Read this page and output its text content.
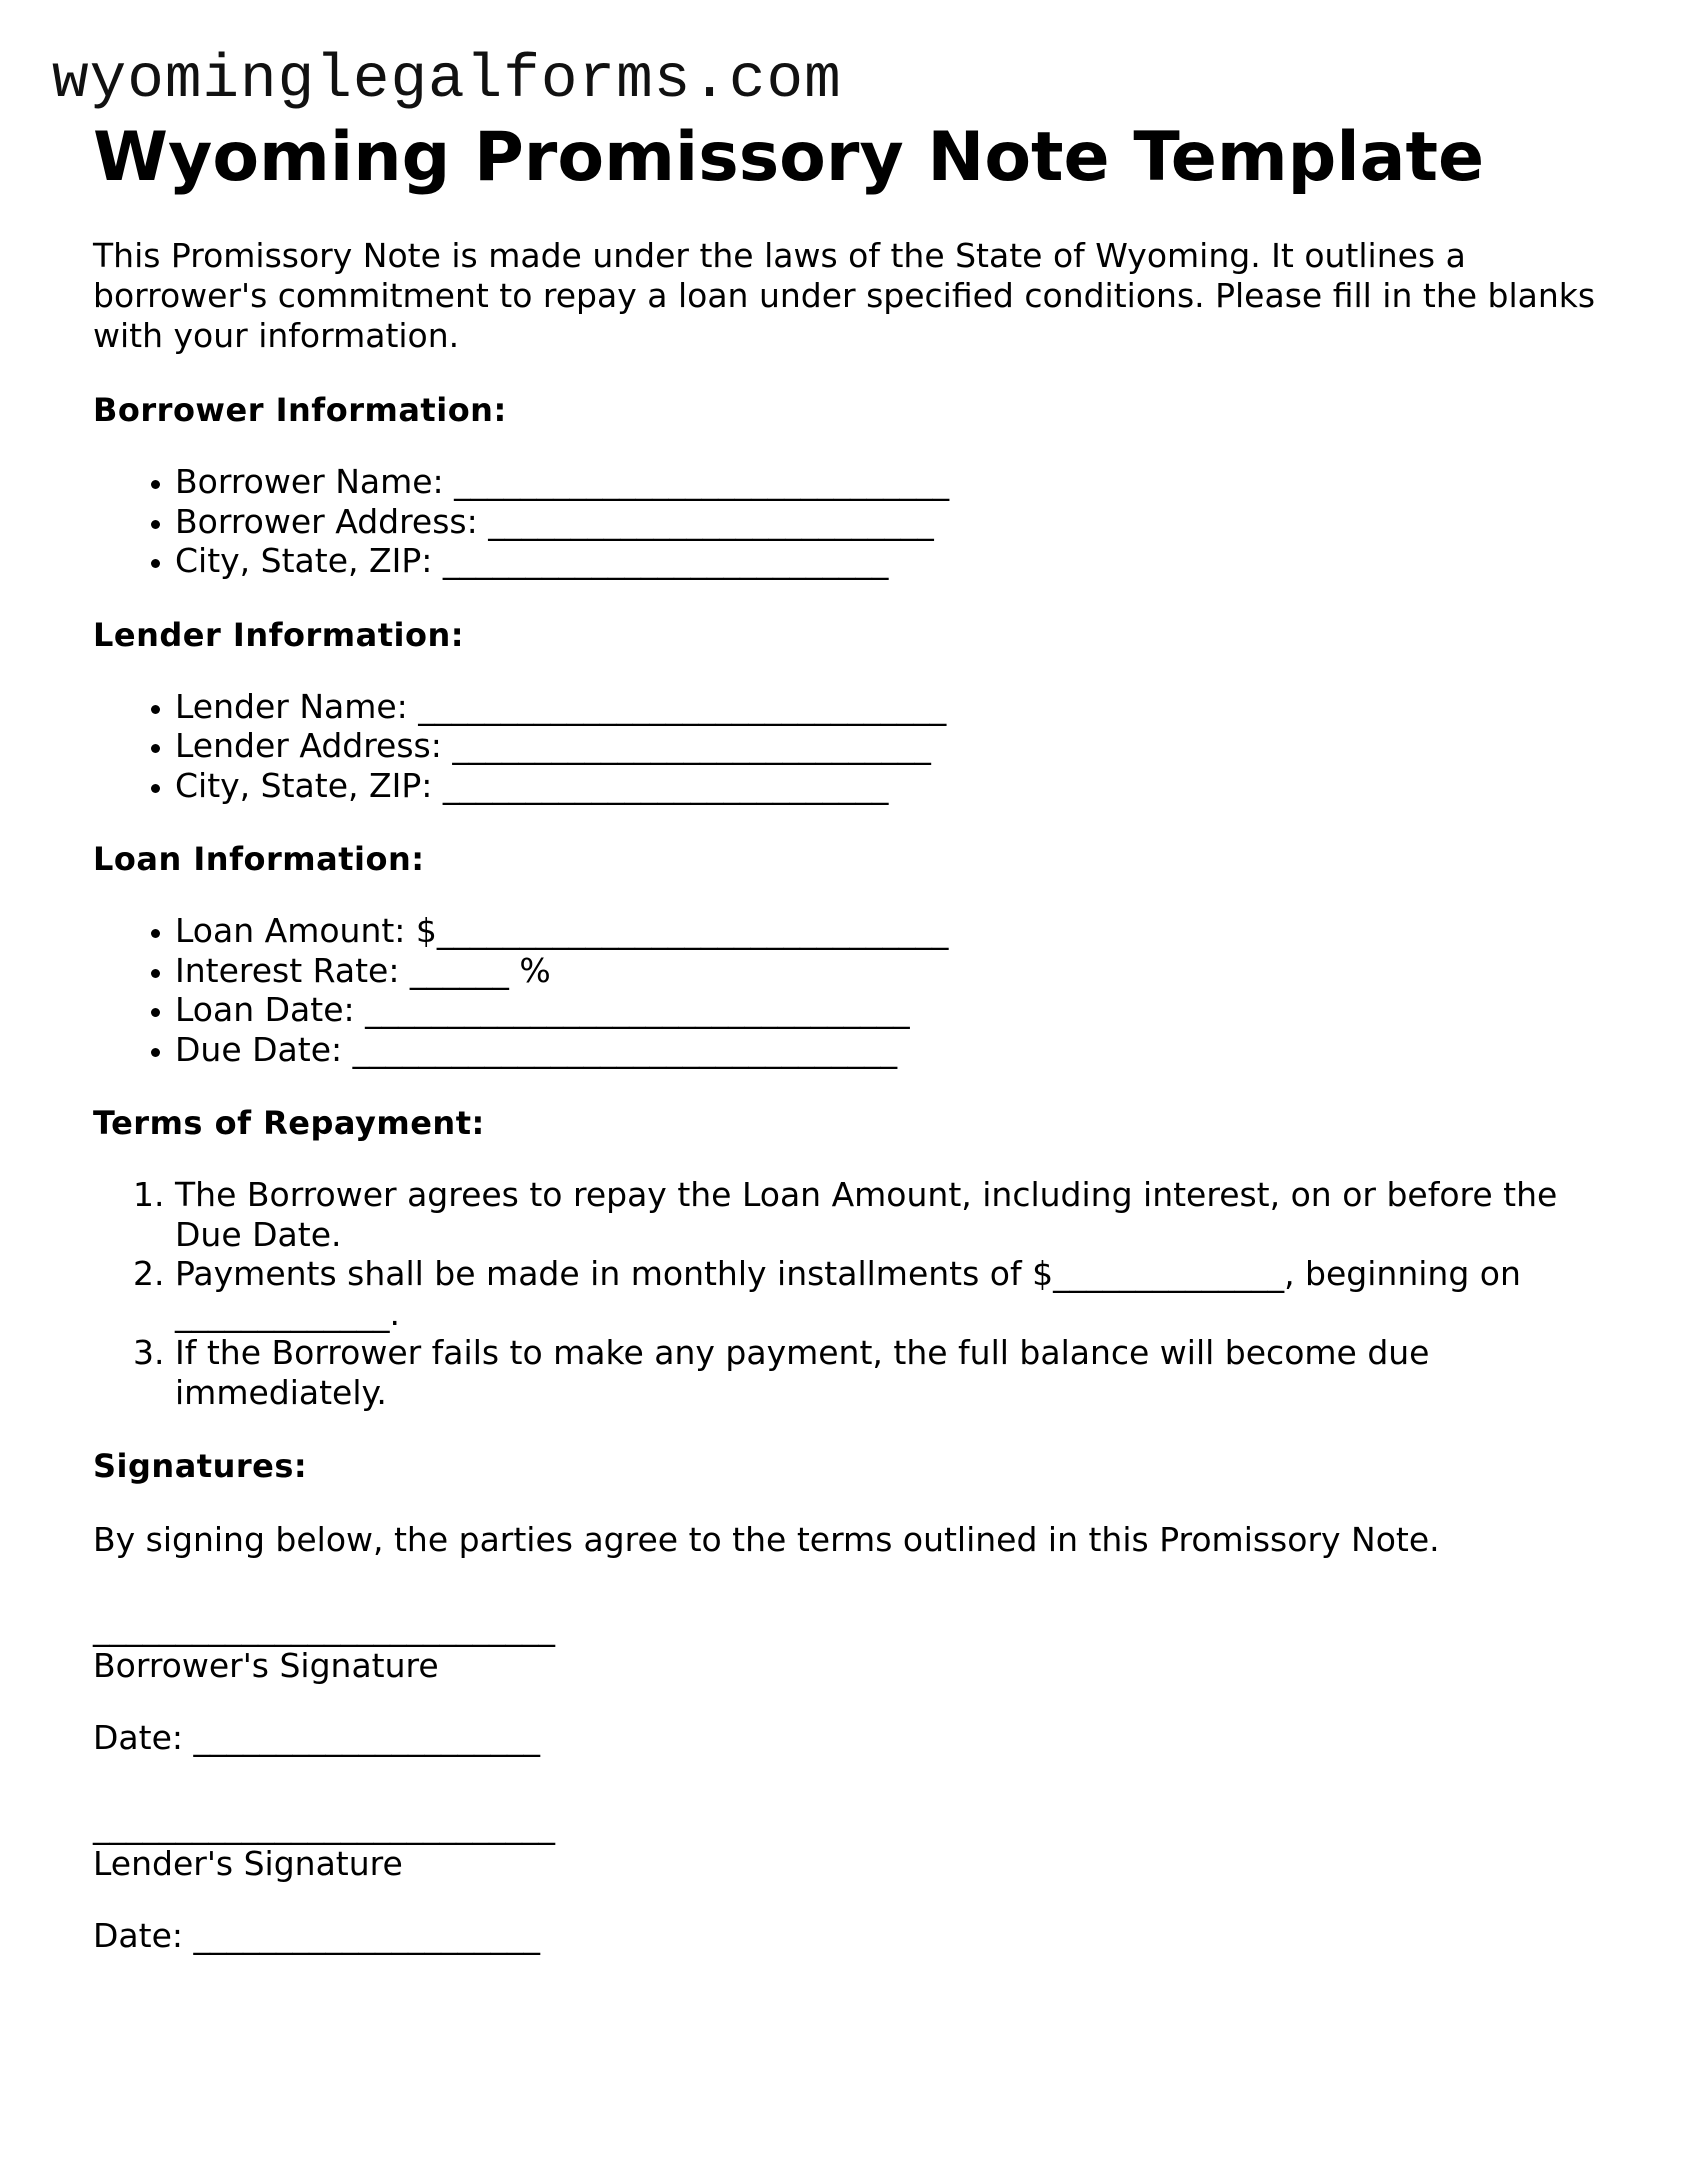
wyominglegalforms.com
Wyoming Promissory Note Template

This Promissory Note is made under the laws of the State of Wyoming. It outlines a borrower's commitment to repay a loan under specified conditions. Please fill in the blanks with your information.

Borrower Information:
• Borrower Name: ______________________________
• Borrower Address: ___________________________
• City, State, ZIP: ___________________________
Lender Information:
• Lender Name: ________________________________
• Lender Address: _____________________________
• City, State, ZIP: ___________________________
Loan Information:
• Loan Amount: $_______________________________
• Interest Rate: ______ %
• Loan Date: _________________________________
• Due Date: _________________________________
Terms of Repayment:
1. The Borrower agrees to repay the Loan Amount, including interest, on or before the Due Date.
2. Payments shall be made in monthly installments of $______________, beginning on _____________.
3. If the Borrower fails to make any payment, the full balance will become due immediately.
Signatures:

By signing below, the parties agree to the terms outlined in this Promissory Note.

____________________________
Borrower's Signature
Date: _____________________
____________________________
Lender's Signature
Date: _____________________
